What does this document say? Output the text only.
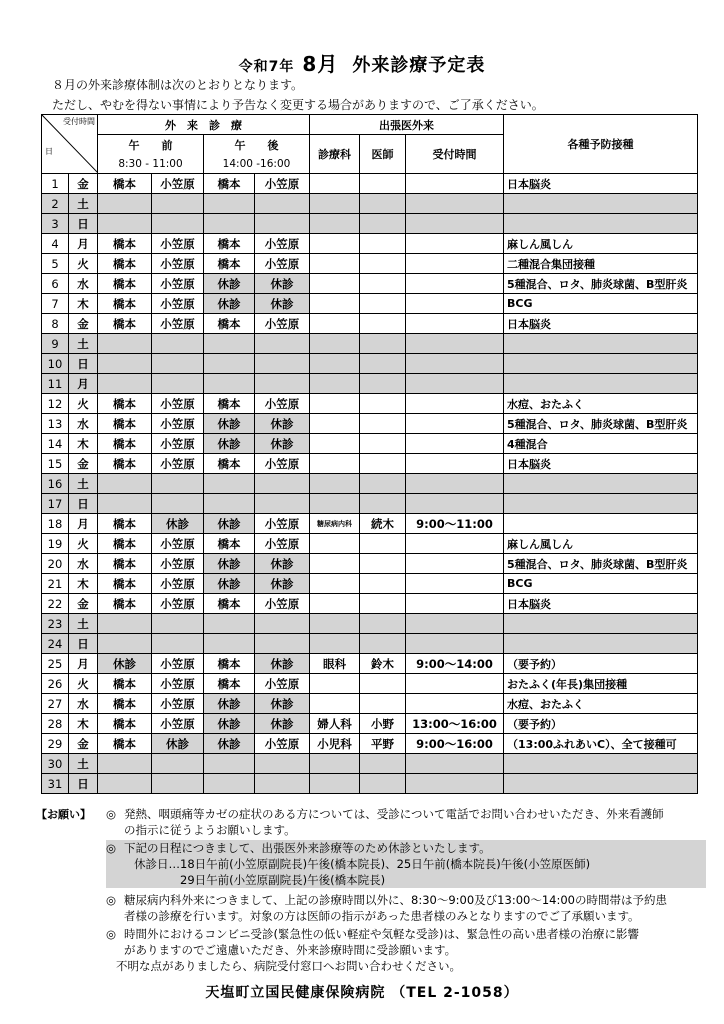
令和7年 8月 外来診療予定表
８月の外来診療体制は次のとおりとなります。
ただし、やむを得ない事情により予告なく変更する場合がありますので、ご了承ください。
受付時間
日		外　来　診　療				出張医外来			各種予防接種
		午　　前		午　　後		診療科	医師	受付時間	
		8:30 - 11:00		14:00 -16:00					
1	金	橋本	小笠原	橋本	小笠原				日本脳炎
2	土								
3	日								
4	月	橋本	小笠原	橋本	小笠原				麻しん風しん
5	火	橋本	小笠原	橋本	小笠原				二種混合集団接種
6	水	橋本	小笠原	休診	休診				5種混合、ロタ、肺炎球菌、B型肝炎
7	木	橋本	小笠原	休診	休診				BCG
8	金	橋本	小笠原	橋本	小笠原				日本脳炎
9	土								
10	日								
11	月								
12	火	橋本	小笠原	橋本	小笠原				水痘、おたふく
13	水	橋本	小笠原	休診	休診				5種混合、ロタ、肺炎球菌、B型肝炎
14	木	橋本	小笠原	休診	休診				4種混合
15	金	橋本	小笠原	橋本	小笠原				日本脳炎
16	土								
17	日								
18	月	橋本	休診	休診	小笠原	糖尿病内科	続木	9:00〜11:00	
19	火	橋本	小笠原	橋本	小笠原				麻しん風しん
20	水	橋本	小笠原	休診	休診				5種混合、ロタ、肺炎球菌、B型肝炎
21	木	橋本	小笠原	休診	休診				BCG
22	金	橋本	小笠原	橋本	小笠原				日本脳炎
23	土								
24	日								
25	月	休診	小笠原	橋本	休診	眼科	鈴木	9:00〜14:00	（要予約）
26	火	橋本	小笠原	橋本	小笠原				おたふく(年長)集団接種
27	水	橋本	小笠原	休診	休診				水痘、おたふく
28	木	橋本	小笠原	休診	休診	婦人科	小野	13:00〜16:00	（要予約）
29	金	橋本	休診	休診	小笠原	小児科	平野	9:00〜16:00	（13:00ふれあいC）、全て接種可
30	土								
31	日								
【お願い】 ◎ 発熱、咽頭痛等カゼの症状のある方については、受診について電話でお問い合わせいただき、外来看護師
の指示に従うようお願いします。
◎ 下記の日程につきまして、出張医外来診療等のため休診といたします。
休診日…18日午前(小笠原副院長)午後(橋本院長)、25日午前(橋本院長)午後(小笠原医師)
29日午前(小笠原副院長)午後(橋本院長)
◎ 糖尿病内科外来につきまして、上記の診療時間以外に、8:30〜9:00及び13:00〜14:00の時間帯は予約患
者様の診療を行います。対象の方は医師の指示があった患者様のみとなりますのでご了承願います。
◎ 時間外におけるコンビニ受診(緊急性の低い軽症や気軽な受診)は、緊急性の高い患者様の治療に影響
がありますのでご遠慮いただき、外来診療時間に受診願います。
不明な点がありましたら、病院受付窓口へお問い合わせください。
天塩町立国民健康保険病院 （TEL 2-1058）
